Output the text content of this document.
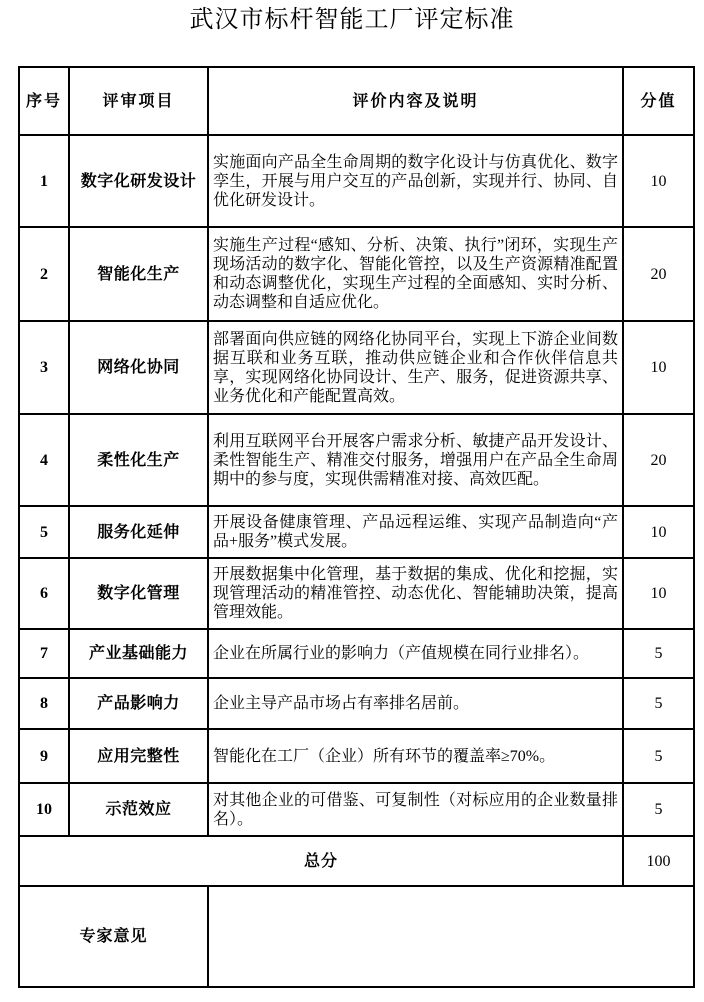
武汉市标杆智能工厂评定标准
序号	评审项目	评价内容及说明	分值
1	数字化研发设计	实施面向产品全生命周期的数字化设计与仿真优化、数字孪生，开展与用户交互的产品创新，实现并行、协同、自优化研发设计。	10
2	智能化生产	实施生产过程“感知、分析、决策、执行”闭环，实现生产现场活动的数字化、智能化管控，以及生产资源精准配置和动态调整优化，实现生产过程的全面感知、实时分析、动态调整和自适应优化。	20
3	网络化协同	部署面向供应链的网络化协同平台，实现上下游企业间数据互联和业务互联，推动供应链企业和合作伙伴信息共享，实现网络化协同设计、生产、服务，促进资源共享、业务优化和产能配置高效。	10
4	柔性化生产	利用互联网平台开展客户需求分析、敏捷产品开发设计、柔性智能生产、精准交付服务，增强用户在产品全生命周期中的参与度，实现供需精准对接、高效匹配。	20
5	服务化延伸	开展设备健康管理、产品远程运维、实现产品制造向“产品+服务”模式发展。	10
6	数字化管理	开展数据集中化管理，基于数据的集成、优化和挖掘，实现管理活动的精准管控、动态优化、智能辅助决策，提高管理效能。	10
7	产业基础能力	企业在所属行业的影响力（产值规模在同行业排名）。	5
8	产品影响力	企业主导产品市场占有率排名居前。	5
9	应用完整性	智能化在工厂（企业）所有环节的覆盖率≥70%。	5
10	示范效应	对其他企业的可借鉴、可复制性（对标应用的企业数量排名）。	5
总分			100
专家意见			
